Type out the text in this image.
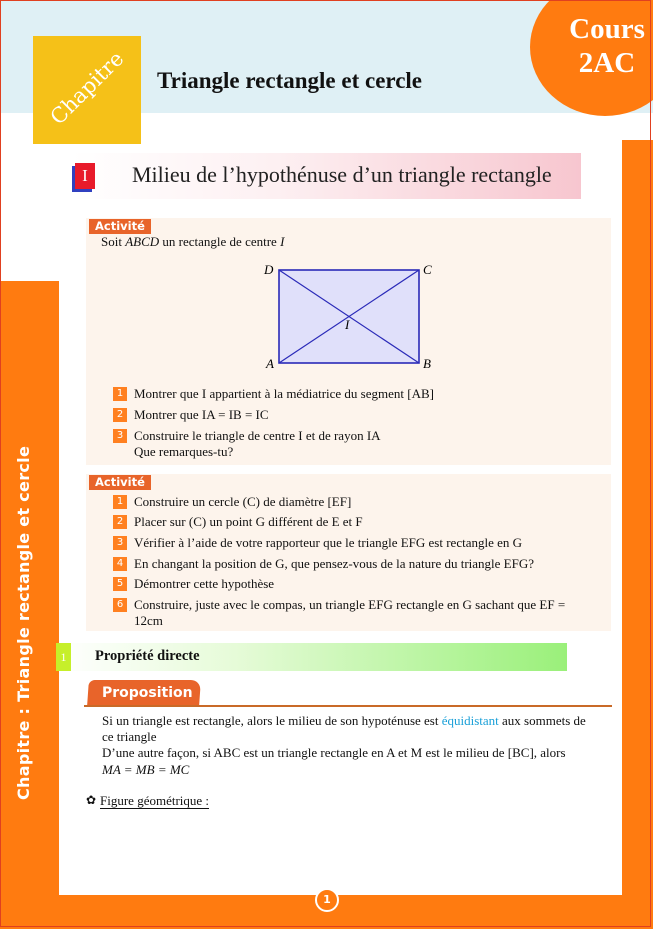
Chapitre Triangle rectangle et cercle
Cours
2AC
Chapitre : Triangle rectangle et cercle
I	Milieu de l’hypothénuse d’un triangle rectangle
Activité
Soit ABCD un rectangle de centre I
D	C
A	B
I
1 Montrer que I appartient à la médiatrice du segment [AB]
2 Montrer que IA = IB = IC
3 Construire le triangle de centre I et de rayon IA
Que remarques-tu?
Activité
1 Construire un cercle (C) de diamètre [EF]
2 Placer sur (C) un point G différent de E et F
3 Vérifier à l’aide de votre rapporteur que le triangle EFG est rectangle en G
4 En changant la position de G, que pensez-vous de la nature du triangle EFG?
5 Démontrer cette hypothèse
6 Construire, juste avec le compas, un triangle EFG rectangle en G sachant que EF =
12cm
1	Propriété directe
Proposition
Si un triangle est rectangle, alors le milieu de son hypoténuse est équidistant aux sommets de
ce triangle
D’une autre façon, si ABC est un triangle rectangle en A et M est le milieu de [BC], alors
MA = MB = MC
✿ Figure géométrique :
1
